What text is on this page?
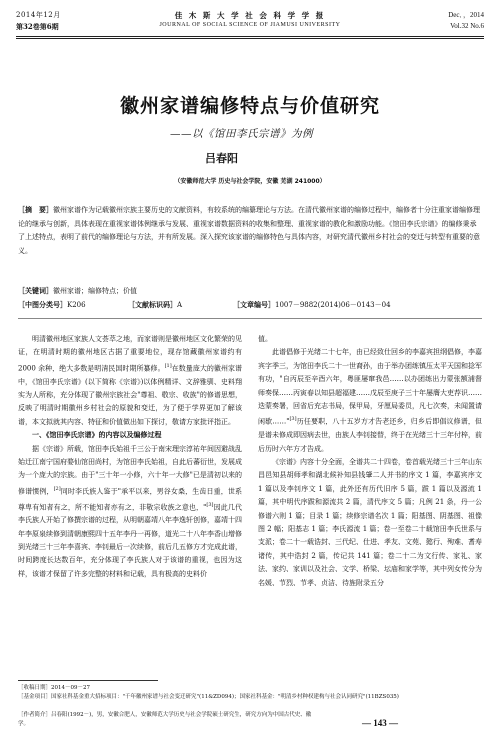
2014年12月
第32卷第6期
佳 木 斯 大 学 社 会 科 学 学 报
JOURNAL OF SOCIAL SCIENCE OF JIAMUSI UNIVERSITY
Dec．，2014
Vol.32 No.6
徽州家谱编修特点与价值研究
——以《馆田李氏宗谱》为例
吕春阳
（安徽师范大学 历史与社会学院，安徽 芜湖 241000）
［摘　要］徽州家谱作为记载徽州宗族主要历史的文献资料，有较系统的编纂理论与方法。在清代徽州家谱的编修过程中，编修者十分注重家谱编修理论的继承与创新，具体表现在重视家谱体例继承与发展、重视家谱数据资料的收集和整理、重视家谱的教化和激励功能。《馆田李氏宗谱》的编修秉承了上述特点，表明了前代的编修理论与方法，并有所发展。深入探究该家谱的编修特色与具体内容，对研究清代徽州乡村社会的变迁与转型有重要的意义。
［关键词］徽州家谱；编修特点；价值
［中图分类号］K206	［文献标识码］A	［文章编号］1007－9882(2014)06－0143－04

明清徽州地区家族人文荟萃之地，而家谱则是徽州地区文化繁荣的见证，在明清时期的徽州地区古据了重要地位，现存馆藏徽州家谱约有 2000 余种，绝大多数是明清民国时期所纂修。[1]在数量庞大的徽州家谱中，《馆田李氏宗谱》(以下简称《宗谱》)以体例精详、文辞雅驯、史料翔实为人所称，充分体现了徽州宗族社会"尊祖、敬宗、收族"的修谱思想，反映了明清时期徽州乡村社会的原貌和变迁，为了便于学界更加了解该谱，本文拟就其内容、特征和价值做出如下探讨，敬请方家批评指正。

一、《馆田李氏宗谱》的内容以及编修过程

据《宗谱》所载，馆田李氏始祖千三公于南宋理宗淳祐年间因避战乱始迁江南宁国府婺仙馆田尚村，为馆田李氏始祖，自此后蕃衍世，发展成为一个庞大的宗族。由于"三十年一小修，六十年一大修"已是清初以来的修谱惯例，[2]同时李氏族人鉴于"承平以来，男谷女桑，生齿日重，世系尊卑有知者有之，所不能知者亦有之，非敬宗收族之意也，"[3]因此几代李氏族人开始了修撰宗谱的过程，从明朝嘉靖八年李逸轩创修，嘉靖十四年李原泉续修到清朝康熙四十五年李丹一再修，道光二十八年李香山增修到光绪三十三年李喜宾、李钊最后一次续修，前后几五修方才完成此谱，时间跨度长达数百年，充分体现了李氏族人对于该谱的重视，也因为这样，该谱才保留了许多完整的材料和记载，具有极高的史料价

值。

此谱倡修于光绪二十七年，由已经致仕回乡的李嘉宾担纲倡修，李嘉宾字季三，为馆田李氏二十一世裔孙，由于举办团练镇压太平天国和捻军有功，"自丙辰至辛酉六年，粤匪屡窜我邑……以办团练出力蒙张额浦督师奏保……丙寅春以知县超福建……戊辰至庚子三十年屡膺大吏荐识……迭蒙奏署，回省后充志书局，保甲局，牙厘局委员，凡七次奏，未闻置请闲歇……"[3]历任要职，八十五岁方才告老还乡，归乡后即倡议修谱，但是谱未修成即因病去世，由族人李钊接替，终于在光绪三十三年付梓，前后历时六年方才告成。

《宗谱》内容十分全面，全谱共二十四卷，卷首载光绪三十三年山东昌邑知县胡师孝和湖北候补知县钱肇二人并书的序文 1 篇，李嘉宾序文 1 篇以及李钊序文 1 篇，此外还有历代旧序 5 篇，跋 1 篇以及源流 1 篇，其中明代序跋和源流共 2 篇，清代序文 5 篇；凡例 21 条，丹一公修谱六则 1 篇；目录 1 篇；续修宗谱名次 1 篇；阳基图、阴基图、祖像图 2 幅；阳基志 1 篇；李氏源流 1 篇；卷一至卷二十载馆田李氏世系与支派；卷二十一载诰封、三代纪、仕进、孝友、文苑、懿行、殉难、耆寿诸传，其中诰封 2 篇，传记共 141 篇；卷二十二为文行传、家礼、家法、家约、家训以及社会、文学、桥梁、坛庙和家学等，其中列女传分为名媛、节烈、节孝、贞洁、待旌附录五分

［收稿日期］2014－09－27
［基金项目］国家社科基金重大招标项目："千年徽州家谱与社会变迁研究"(11&ZD094)；国家社科基金："明清乡村种权建构与社会认同研究"(11BZS035)
［作者简介］吕春阳(1992－)，男，安徽合肥人，安徽师范大学历史与社会学院硕士研究生，研究方向为中国古代史、徽学。	— 143 —
